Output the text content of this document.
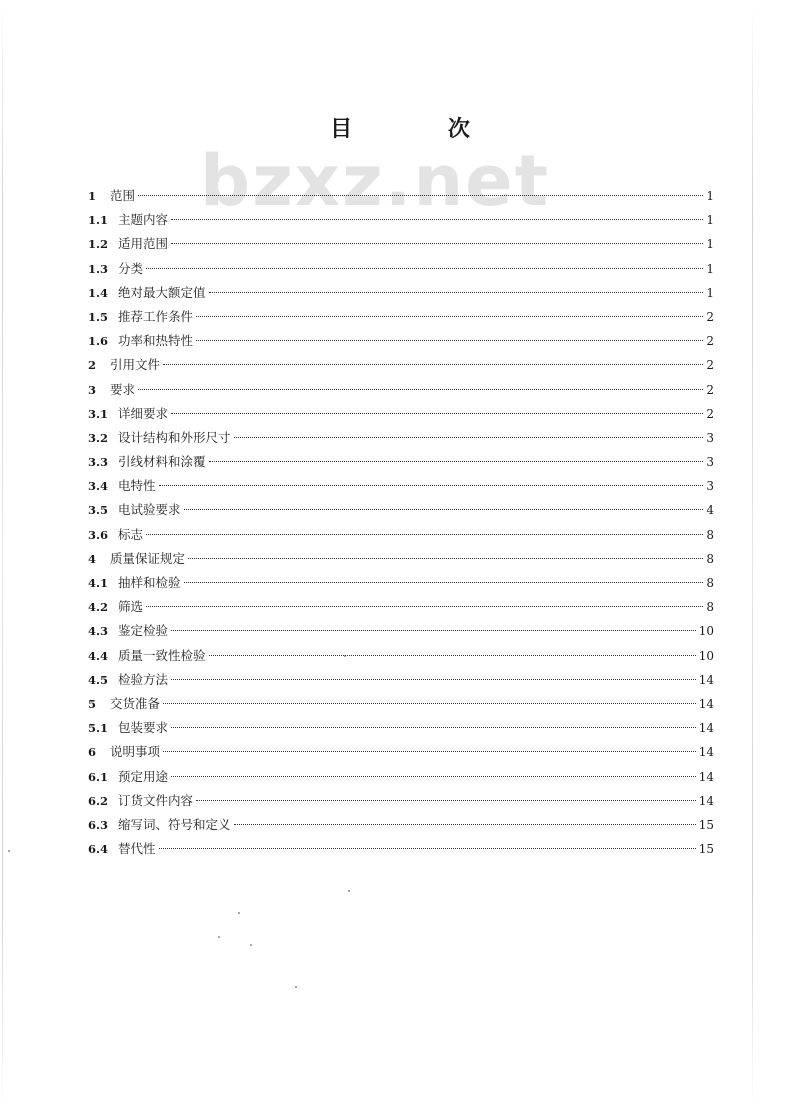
bzxz.net
目 次
1	范围	1
1.1 主题内容	1
1.2 适用范围	1
1.3 分类	1
1.4 绝对最大额定值	1
1.5 推荐工作条件	2
1.6 功率和热特性	2
2	引用文件	2
3	要求	2
3.1 详细要求	2
3.2 设计结构和外形尺寸	3
3.3 引线材料和涂覆	3
3.4 电特性	3
3.5 电试验要求	4
3.6 标志	8
4	质量保证规定	8
4.1 抽样和检验	8
4.2 筛选	8
4.3 鉴定检验	10
4.4 质量一致性检验	10
4.5 检验方法	14
5	交货准备	14
5.1 包装要求	14
6	说明事项	14
6.1 预定用途	14
6.2 订货文件内容	14
6.3 缩写词、符号和定义	15
6.4 替代性	15
